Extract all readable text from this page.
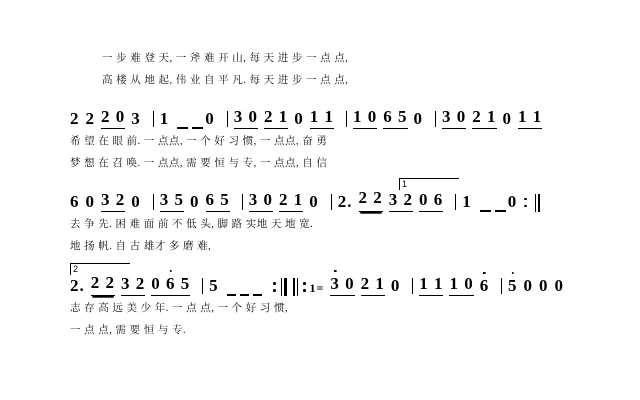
一 步 难 登 天, 一 斧 难 开 山, 每 天 进 步 一 点 点,
高 楼 从 地 起, 伟 业 自 平 凡. 每 天 进 步 一 点 点,
2 2 2 0 3 1 0 3 0 2 1 0 1 1 1 0 6 5 0 3 0 2 1 0 1 1
希 望 在 眼 前. 一 点点, 一 个 好 习 惯, 一 点点, 奋 勇
梦 想 在 召 唤. 一 点点, 需 要 恒 与 专, 一 点点, 自 信
1
6 0 3 2 0 3 5 0 6 5 3 0 2 1 0 2. 2 2 3 2 0 6 1 0
去 争 先. 困 难 面 前 不 低 头, 脚 路 实地 天 地 宽.
地 扬 帆. 自 古 雄才 多 磨 难,
2
2. 2 2 3 2 0 6 5 5	1= 3 0 2 1 0 1 1 1 0 6 5 0 0 0
志 存 高 远 美 少 年. 一 点 点, 一 个 好 习 惯,
一 点 点, 需 要 恒 与 专.
